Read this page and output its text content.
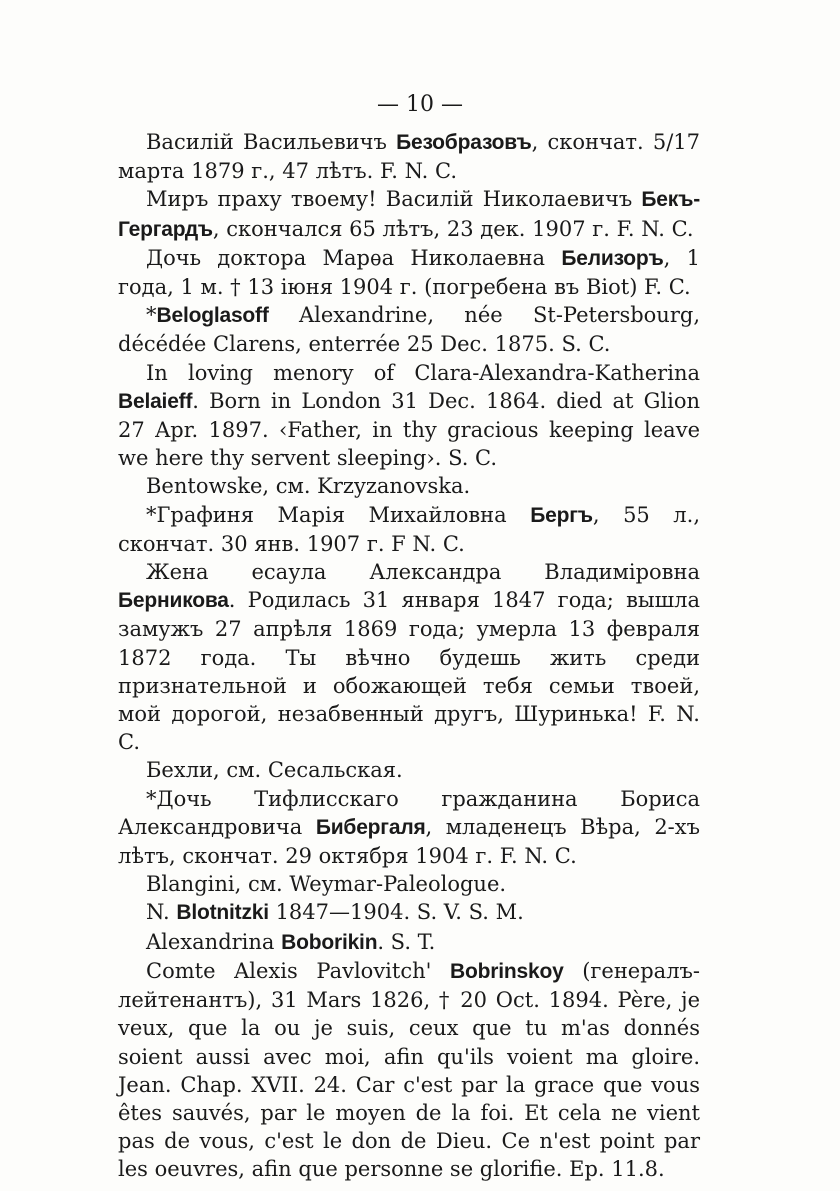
— 10 —

Василій Васильевичъ Безобразовъ, скончат. 5/17 марта 1879 г., 47 лѣтъ. F. N. C.

Миръ праху твоему! Василій Николаевичъ Бекъ-Гергардъ, скончался 65 лѣтъ, 23 дек. 1907 г. F. N. C.

Дочь доктора Марѳа Николаевна Белизоръ, 1 года, 1 м. † 13 іюня 1904 г. (погребена въ Biot) F. C.

*Beloglasoff Alexandrine, née St-Petersbourg, décédée Clarens, enterrée 25 Dec. 1875. S. C.

In loving menory of Clara-Alexandra-Katherina Belaieff. Born in London 31 Dec. 1864. died at Glion 27 Apr. 1897. ‹Father, in thy gracious keeping leave we here thy servent sleeping›. S. C.

Bentowske, см. Krzyzanovska.

*Графиня Марія Михайловна Бергъ, 55 л., скончат. 30 янв. 1907 г. F N. C.

Жена есаула Александра Владиміровна Берникова. Родилась 31 января 1847 года; вышла замужъ 27 апрѣля 1869 года; умерла 13 февраля 1872 года. Ты вѣчно будешь жить среди признательной и обожающей тебя семьи твоей, мой дорогой, незабвенный другъ, Шуринька! F. N. C.

Бехли, см. Сесальская.

*Дочь Тифлисскаго гражданина Бориса Александровича Бибергаля, младенецъ Вѣра, 2-хъ лѣтъ, скончат. 29 октября 1904 г. F. N. C.

Blangini, см. Weymar-Paleologue.

N. Blotnitzki 1847—1904. S. V. S. M.

Alexandrina Boborikin. S. T.

Comte Alexis Pavlovitch' Bobrinskoy (генералъ-лейтенантъ), 31 Mars 1826, † 20 Oct. 1894. Père, je veux, que la ou je suis, ceux que tu m'as donnés soient aussi avec moi, afin qu'ils voient ma gloire. Jean. Chap. XVII. 24. Car c'est par la grace que vous êtes sauvés, par le moyen de la foi. Et cela ne vient pas de vous, c'est le don de Dieu. Ce n'est point par les oeuvres, afin que personne se glorifie. Ep. 11.8.
